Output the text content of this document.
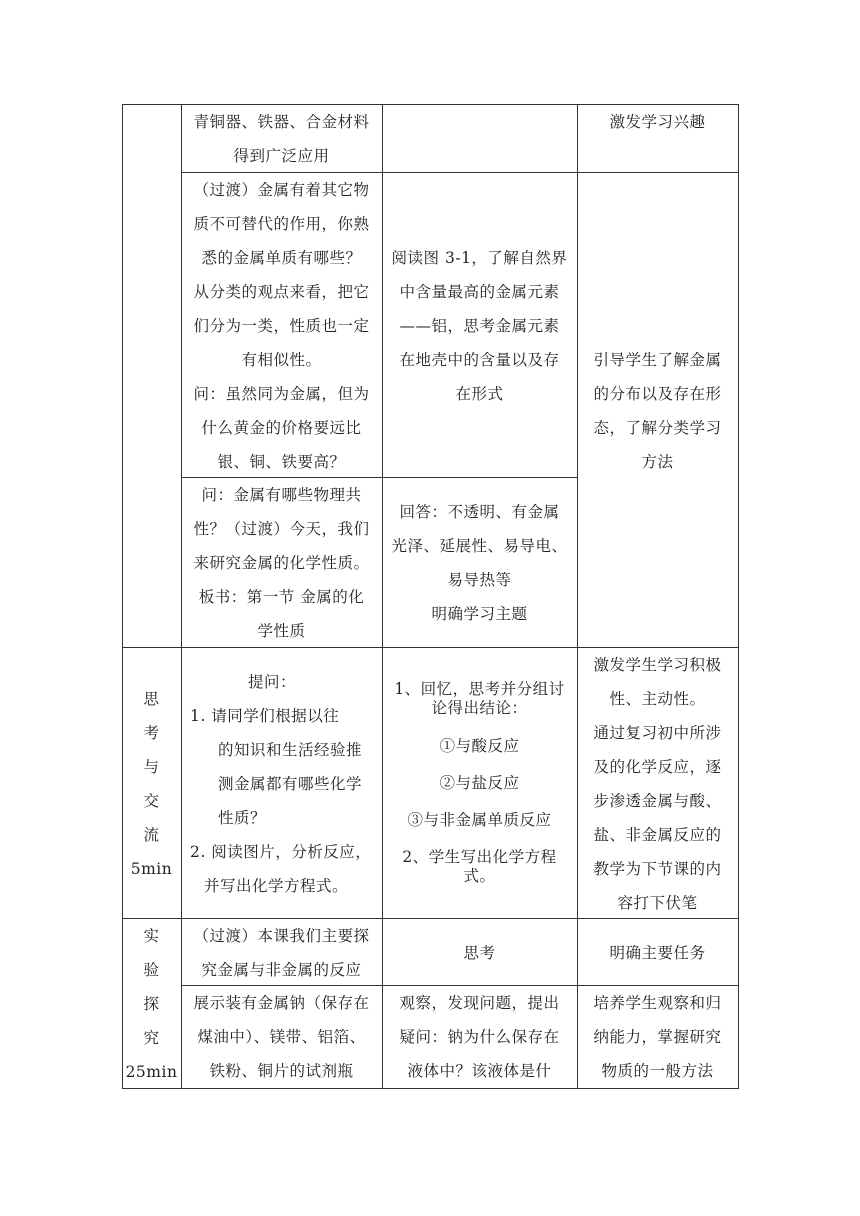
青铜器、铁器、合金材料

得到广泛应用

激发学习兴趣

（过渡）金属有着其它物

质不可替代的作用，你熟

悉的金属单质有哪些？

从分类的观点来看，把它

们分为一类，性质也一定

有相似性。

问：虽然同为金属，但为

什么黄金的价格要远比

银、铜、铁要高？

阅读图 3-1，了解自然界

中含量最高的金属元素

——铝，思考金属元素

在地壳中的含量以及存

在形式

引导学生了解金属

的分布以及存在形

态，了解分类学习

方法

问：金属有哪些物理共

性？（过渡）今天，我们

来研究金属的化学性质。

板书：第一节 金属的化

学性质

回答：不透明、有金属

光泽、延展性、易导电、

易导热等

明确学习主题

思

考

与

交

流

5min

提问：

1. 请同学们根据以往

的知识和生活经验推

测金属都有哪些化学

性质？

2. 阅读图片，分析反应，

并写出化学方程式。

1、回忆，思考并分组讨

论得出结论：

①与酸反应

②与盐反应

③与非金属单质反应

2、学生写出化学方程

式。

激发学生学习积极

性、主动性。

通过复习初中所涉

及的化学反应，逐

步渗透金属与酸、

盐、非金属反应的

教学为下节课的内

容打下伏笔

实

验

探

究

25min

（过渡）本课我们主要探

究金属与非金属的反应

思考	明确主要任务

展示装有金属钠（保存在

煤油中）、镁带、铝箔、

铁粉、铜片的试剂瓶

观察，发现问题，提出

疑问：钠为什么保存在

液体中？该液体是什

培养学生观察和归

纳能力，掌握研究

物质的一般方法
